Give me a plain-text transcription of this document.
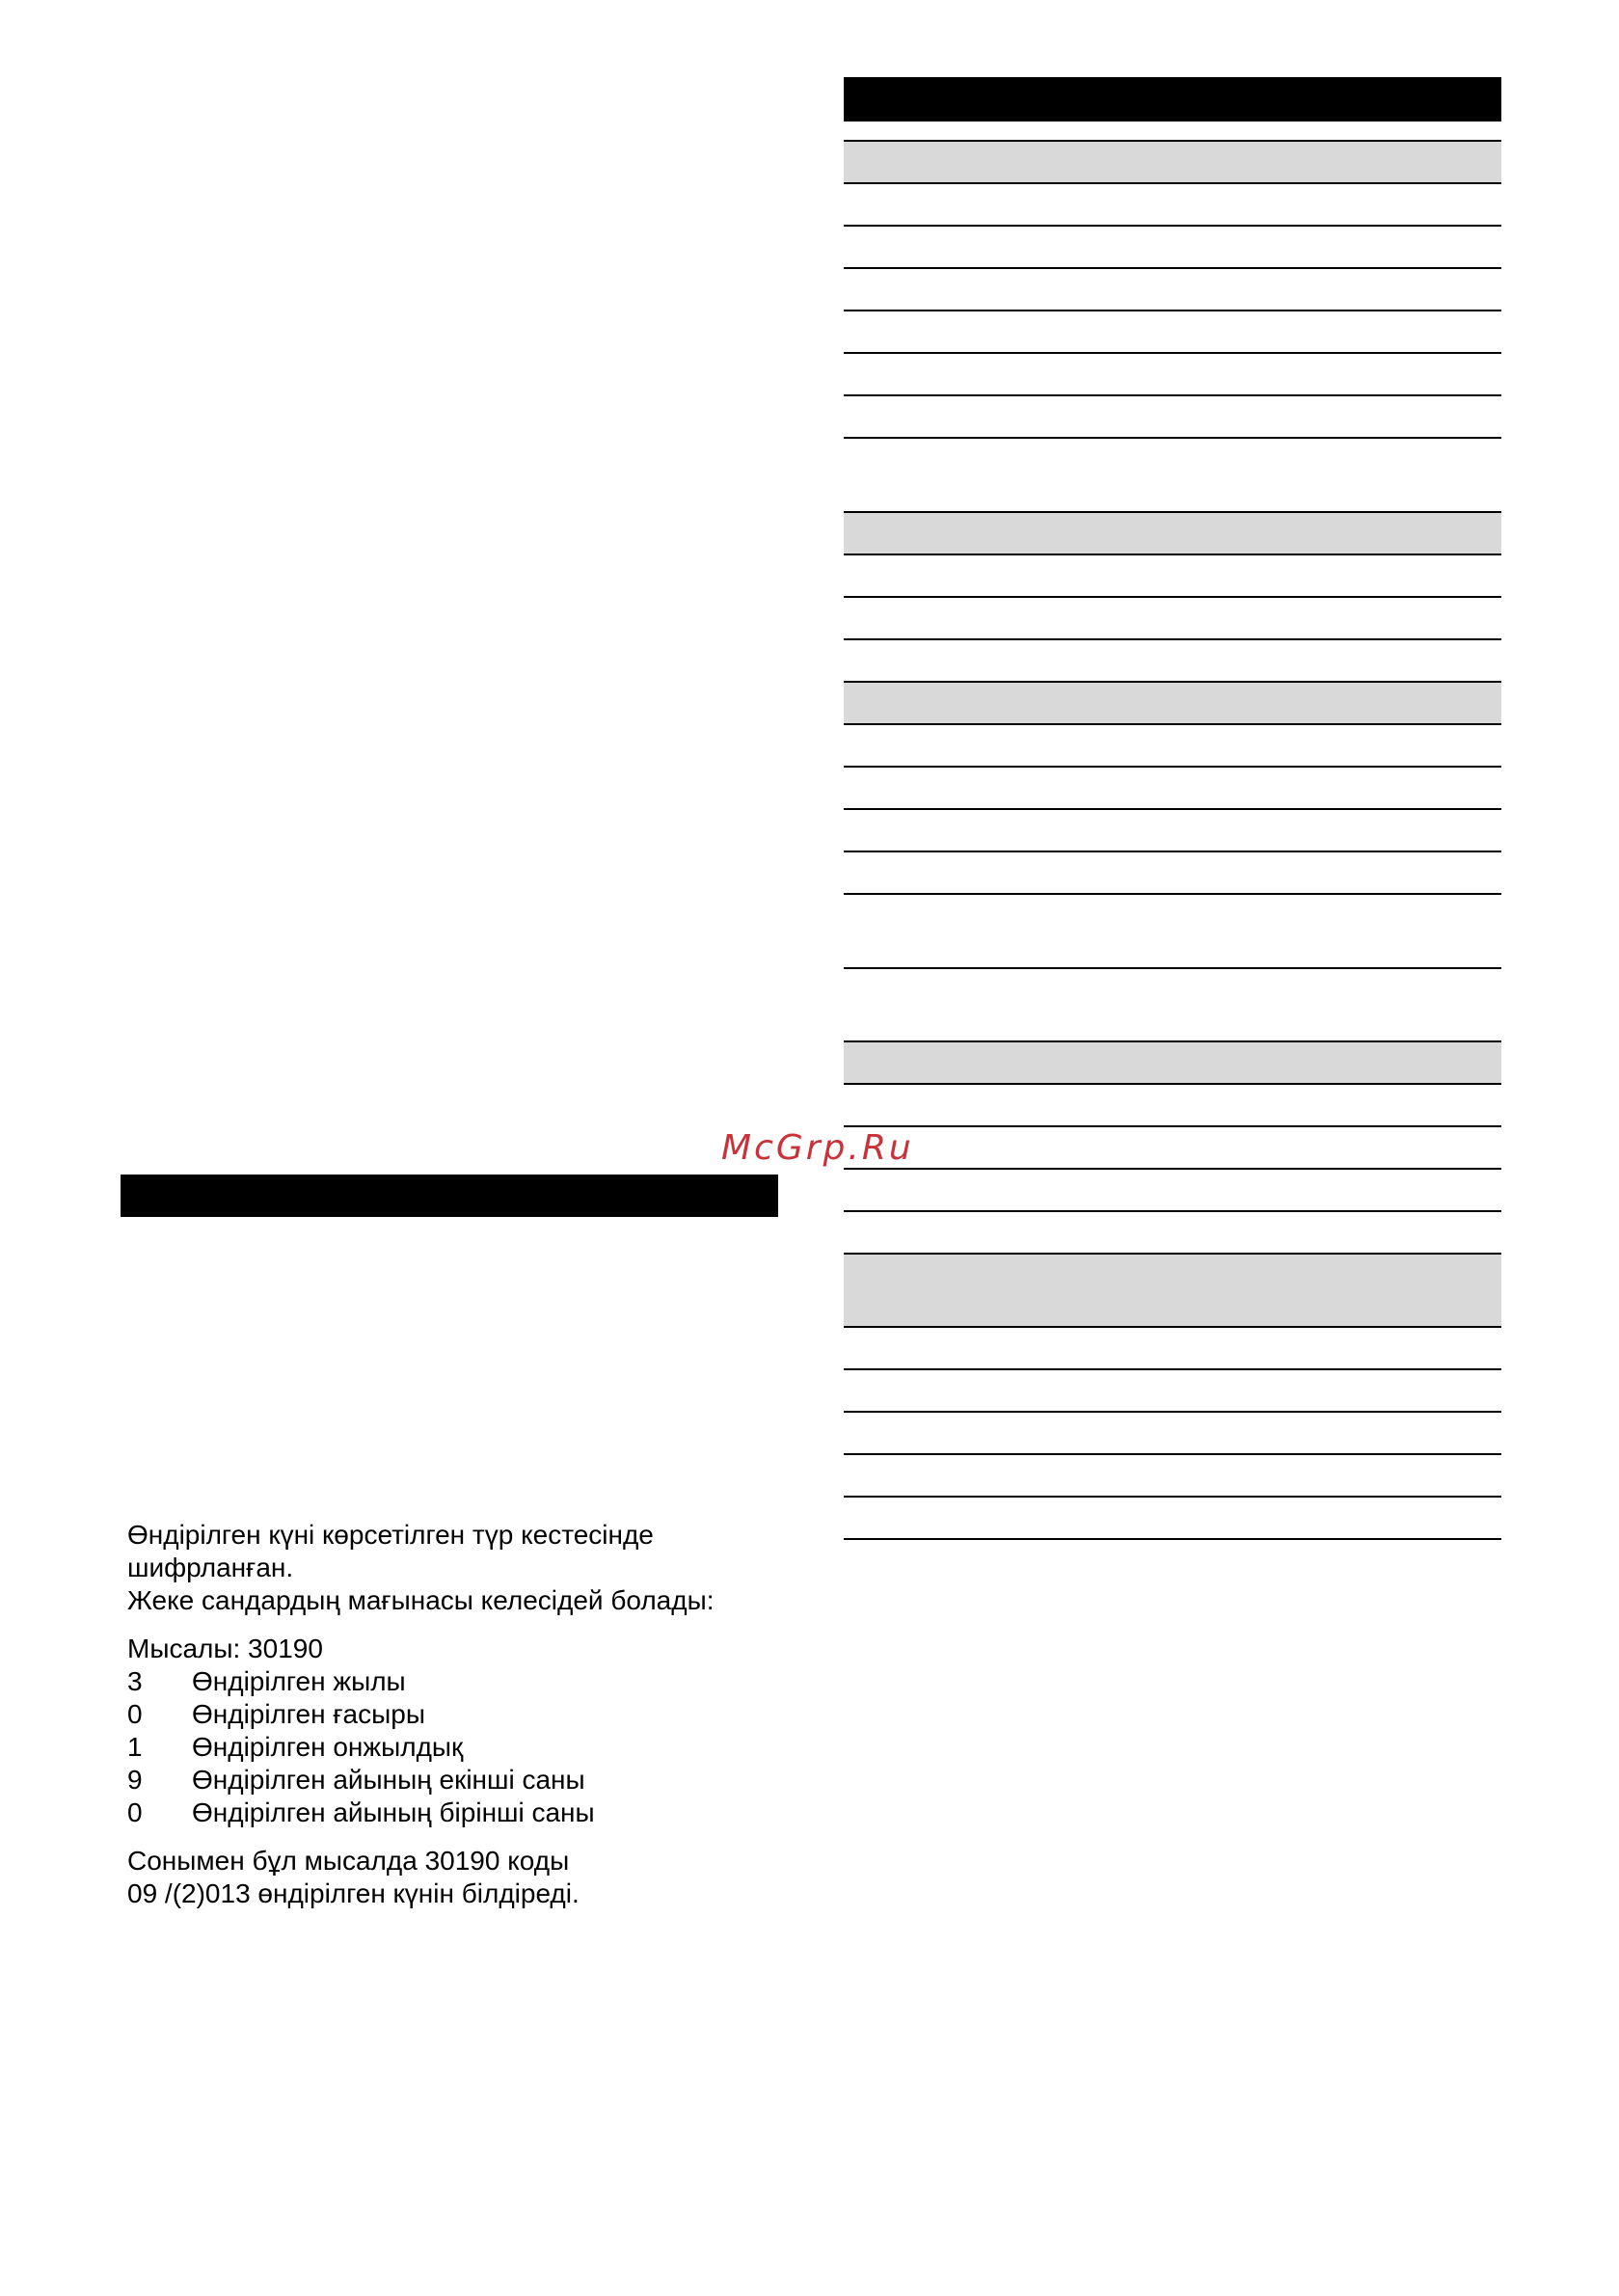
McGrp.Ru

Өндірілген күні көрсетілген түр кестесінде

шифрланған.

Жеке сандардың мағынасы келесідей болады:

Мысалы: 30190

3	Өндірілген жылы
0	Өндірілген ғасыры
1	Өндірілген онжылдық
9	Өндірілген айының екінші саны
0	Өндірілген айының бірінші саны

Сонымен бұл мысалда 30190 коды

09 /(2)013 өндірілген күнін білдіреді.
